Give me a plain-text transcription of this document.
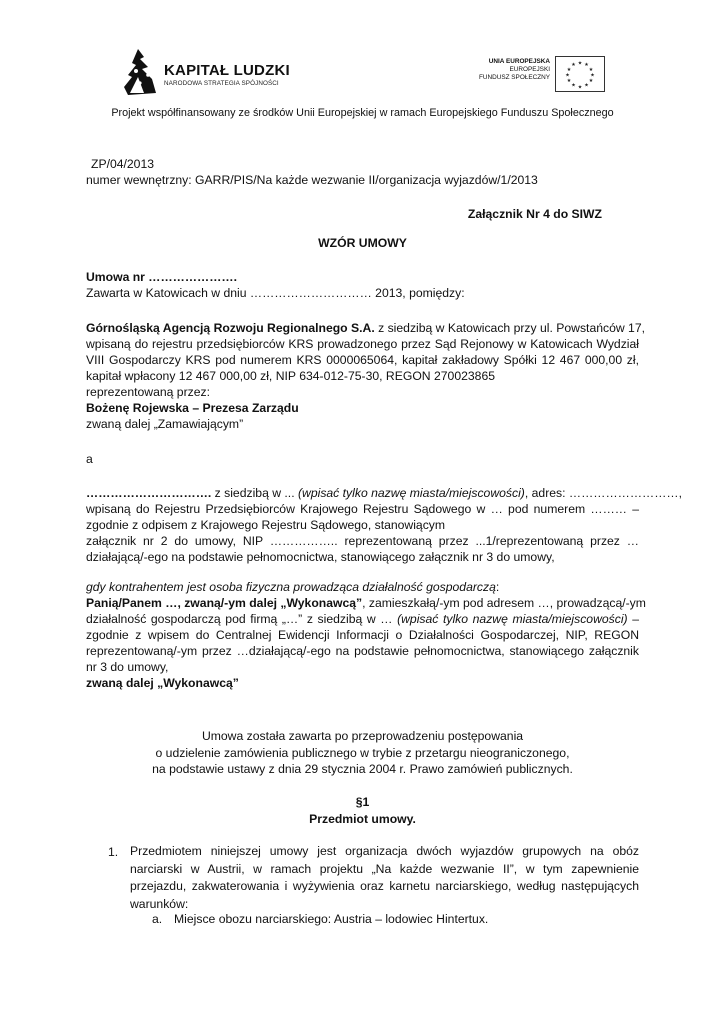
KAPITAŁ LUDZKI
NARODOWA STRATEGIA SPÓJNOŚCI
UNIA EUROPEJSKA
EUROPEJSKI
FUNDUSZ SPOŁECZNY
★ ★
★
★
★
★
★
★
★
★
★
★
Projekt współfinansowany ze środków Unii Europejskiej w ramach Europejskiego Funduszu Społecznego
ZP/04/2013
numer wewnętrzny: GARR/PIS/Na każde wezwanie II/organizacja wyjazdów/1/2013
Załącznik Nr 4 do SIWZ
WZÓR UMOWY
Umowa nr ………………….
Zawarta w Katowicach w dniu ………………………… 2013, pomiędzy:
Górnośląską Agencją Rozwoju Regionalnego S.A. z siedzibą w Katowicach przy ul. Powstańców 17,
wpisaną do rejestru przedsiębiorców KRS prowadzonego przez Sąd Rejonowy w Katowicach Wydział
VIII Gospodarczy KRS pod numerem KRS 0000065064, kapitał zakładowy Spółki 12 467 000,00 zł,
kapitał wpłacony 12 467 000,00 zł, NIP 634-012-75-30, REGON 270023865
reprezentowaną przez:
Bożenę Rojewska – Prezesa Zarządu
zwaną dalej „Zamawiającym”
a
…………………………. z siedzibą w ... (wpisać tylko nazwę miasta/miejscowości), adres: ………………………,
wpisaną do Rejestru Przedsiębiorców Krajowego Rejestru Sądowego w … pod numerem ……… –
zgodnie z odpisem z Krajowego Rejestru Sądowego, stanowiącym
załącznik nr 2 do umowy, NIP …………….. reprezentowaną przez ...1/reprezentowaną przez …
działającą/-ego na podstawie pełnomocnictwa, stanowiącego załącznik nr 3 do umowy,
gdy kontrahentem jest osoba fizyczna prowadząca działalność gospodarczą:
Panią/Panem …, zwaną/-ym dalej „Wykonawcą”, zamieszkałą/-ym pod adresem …, prowadzącą/-ym
działalność gospodarczą pod firmą „…” z siedzibą w … (wpisać tylko nazwę miasta/miejscowości) –
zgodnie z wpisem do Centralnej Ewidencji Informacji o Działalności Gospodarczej, NIP, REGON
reprezentowaną/-ym przez …działającą/-ego na podstawie pełnomocnictwa, stanowiącego załącznik
nr 3 do umowy,
zwaną dalej „Wykonawcą”
Umowa została zawarta po przeprowadzeniu postępowania
o udzielenie zamówienia publicznego w trybie z przetargu nieograniczonego,
na podstawie ustawy z dnia 29 stycznia 2004 r. Prawo zamówień publicznych.
§1
Przedmiot umowy.
1. Przedmiotem niniejszej umowy jest organizacja dwóch wyjazdów grupowych na obóz
narciarski w Austrii, w ramach projektu „Na każde wezwanie II”, w tym zapewnienie
przejazdu, zakwaterowania i wyżywienia oraz karnetu narciarskiego, według następujących
warunków:
a. Miejsce obozu narciarskiego: Austria – lodowiec Hintertux.
